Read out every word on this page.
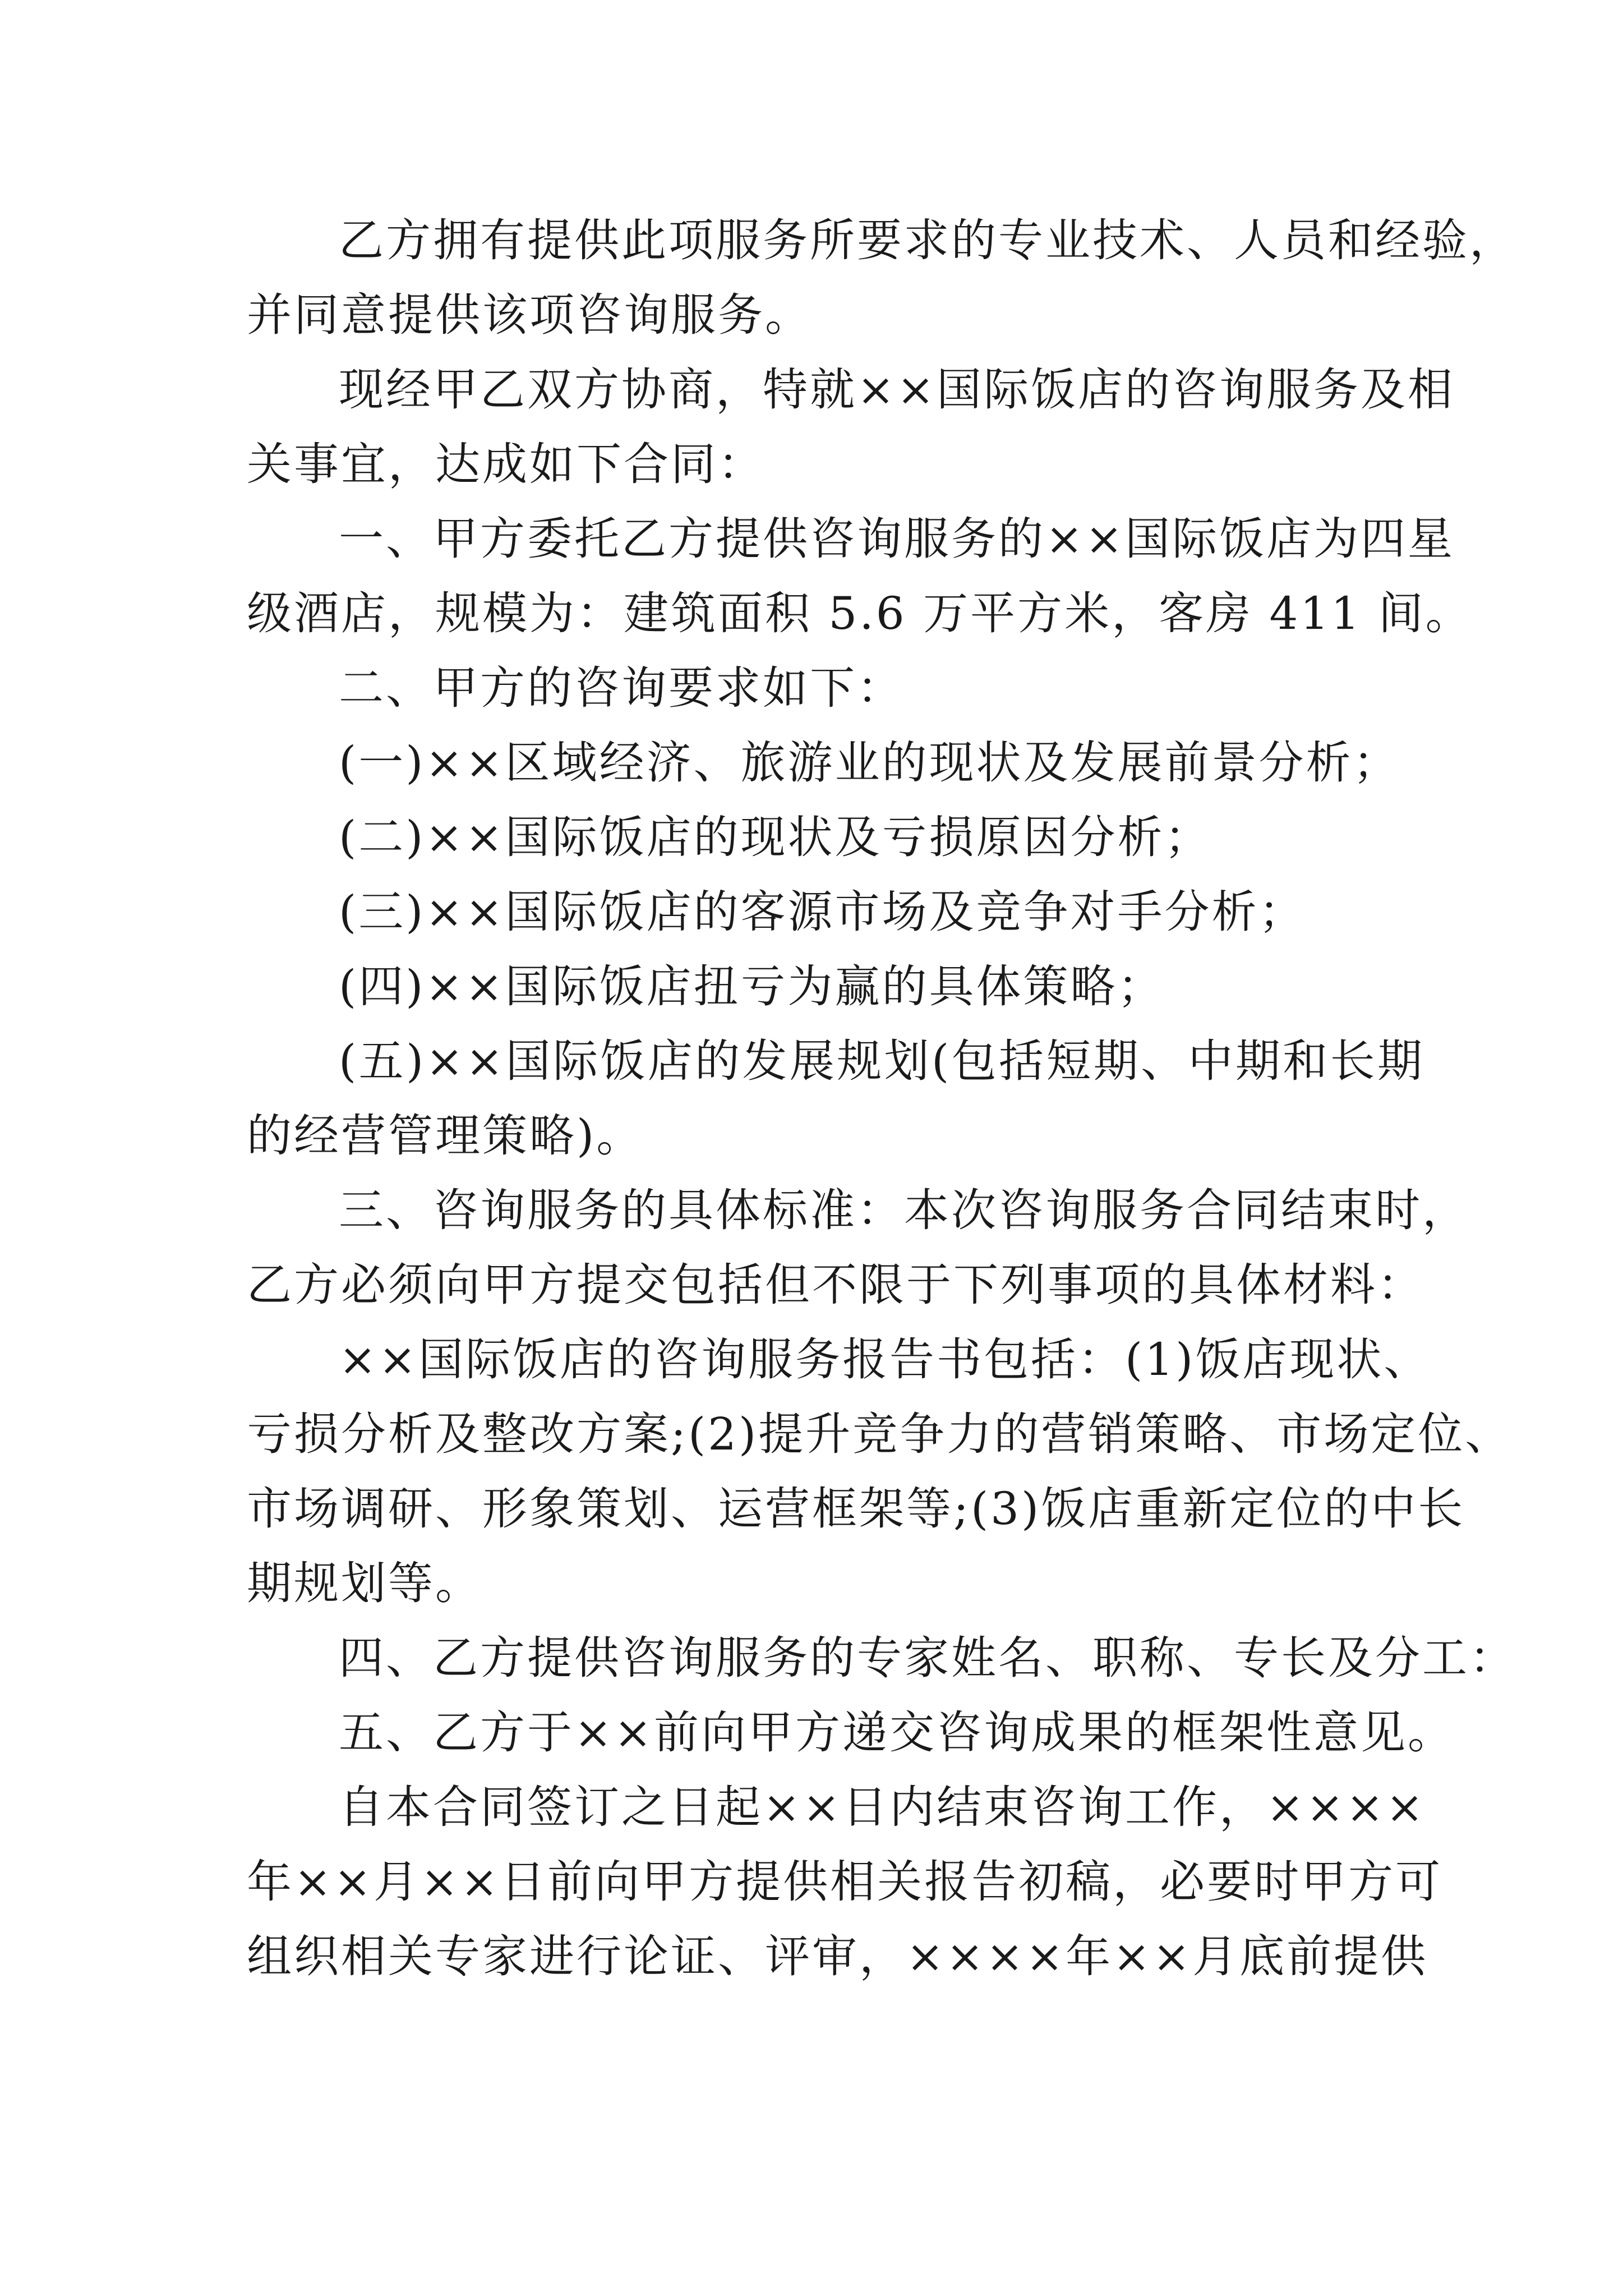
乙方拥有提供此项服务所要求的专业技术、人员和经验，
并同意提供该项咨询服务。
现经甲乙双方协商，特就××国际饭店的咨询服务及相
关事宜，达成如下合同：
一、甲方委托乙方提供咨询服务的××国际饭店为四星
级酒店，规模为：建筑面积 5.6 万平方米，客房 411 间。
二、甲方的咨询要求如下：
(一)××区域经济、旅游业的现状及发展前景分析；
(二)××国际饭店的现状及亏损原因分析；
(三)××国际饭店的客源市场及竞争对手分析；
(四)××国际饭店扭亏为赢的具体策略；
(五)××国际饭店的发展规划(包括短期、中期和长期
的经营管理策略)。
三、咨询服务的具体标准：本次咨询服务合同结束时，
乙方必须向甲方提交包括但不限于下列事项的具体材料：
××国际饭店的咨询服务报告书包括：(1)饭店现状、
亏损分析及整改方案;(2)提升竞争力的营销策略、市场定位、
市场调研、形象策划、运营框架等;(3)饭店重新定位的中长
期规划等。
四、乙方提供咨询服务的专家姓名、职称、专长及分工：
五、乙方于××前向甲方递交咨询成果的框架性意见。
自本合同签订之日起××日内结束咨询工作，××××
年××月××日前向甲方提供相关报告初稿，必要时甲方可
组织相关专家进行论证、评审，××××年××月底前提供
